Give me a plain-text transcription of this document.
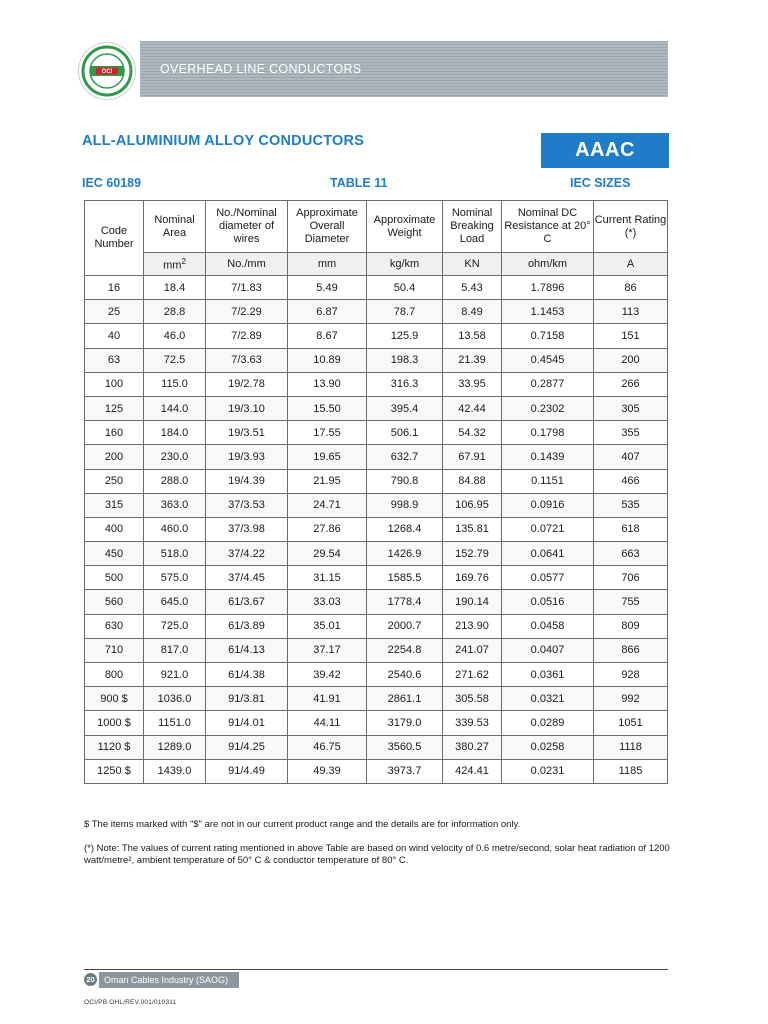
OCI	OVERHEAD LINE CONDUCTORS
ALL-ALUMINIUM ALLOY CONDUCTORS	AAAC
IEC 60189	TABLE 11	IEC SIZES
Code Number	Nominal Area	No./Nominal diameter of wires	Approximate Overall Diameter	Approximate Weight	Nominal Breaking Load	Nominal DC Resistance at 20° C	Current Rating (*)
	$mm^2$	No./mm	mm	kg/km	KN	ohm/km	A
16	18.4	7/1.83	5.49	50.4	5.43	1.7896	86
25	28.8	7/2.29	6.87	78.7	8.49	1.1453	113
40	46.0	7/2.89	8.67	125.9	13.58	0.7158	151
63	72.5	7/3.63	10.89	198.3	21.39	0.4545	200
100	115.0	19/2.78	13.90	316.3	33.95	0.2877	266
125	144.0	19/3.10	15.50	395.4	42.44	0.2302	305
160	184.0	19/3.51	17.55	506.1	54.32	0.1798	355
200	230.0	19/3.93	19.65	632.7	67.91	0.1439	407
250	288.0	19/4.39	21.95	790.8	84.88	0.1151	466
315	363.0	37/3.53	24.71	998.9	106.95	0.0916	535
400	460.0	37/3.98	27.86	1268.4	135.81	0.0721	618
450	518.0	37/4.22	29.54	1426.9	152.79	0.0641	663
500	575.0	37/4.45	31.15	1585.5	169.76	0.0577	706
560	645.0	61/3.67	33.03	1778.4	190.14	0.0516	755
630	725.0	61/3.89	35.01	2000.7	213.90	0.0458	809
710	817.0	61/4.13	37.17	2254.8	241.07	0.0407	866
800	921.0	61/4.38	39.42	2540.6	271.62	0.0361	928
900 $	1036.0	91/3.81	41.91	2861.1	305.58	0.0321	992
1000 $	1151.0	91/4.01	44.11	3179.0	339.53	0.0289	1051
1120 $	1289.0	91/4.25	46.75	3560.5	380.27	0.0258	1118
1250 $	1439.0	91/4.49	49.39	3973.7	424.41	0.0231	1185
$ The items marked with "$" are not in our current product range and the details are for information only.
(*) Note: The values of current rating mentioned in above Table are based on wind velocity of 0.6 metre/second, solar heat radiation of 1200 watt/metre², ambient temperature of 50° C & conductor temperature of 80° C.
20	Oman Cables Industry (SAOG)
OCI/PB OHL/REV.001/010311
